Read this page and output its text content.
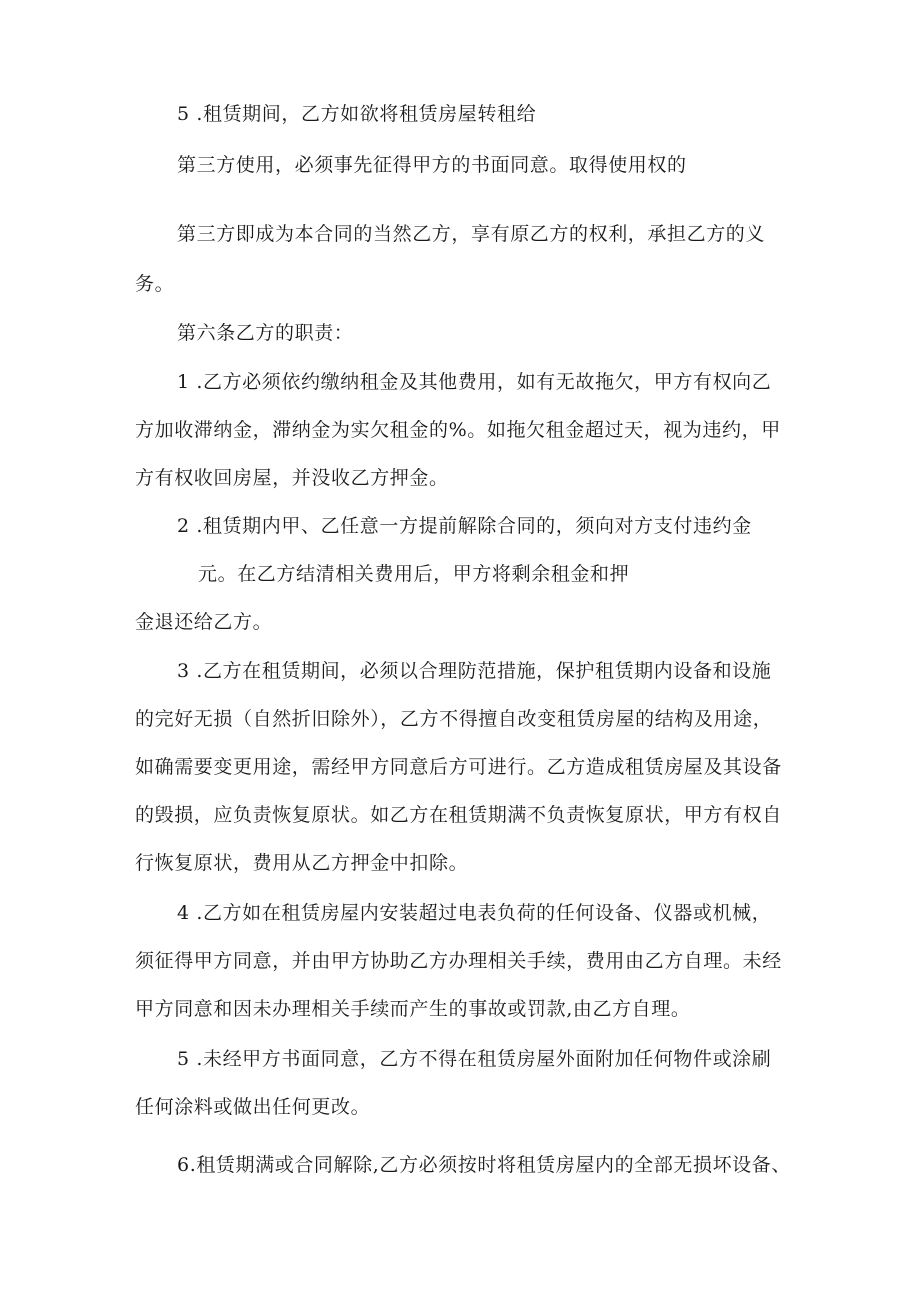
5 .租赁期间，乙方如欲将租赁房屋转租给
第三方使用，必须事先征得甲方的书面同意。取得使用权的
第三方即成为本合同的当然乙方，享有原乙方的权利，承担乙方的义
务。
第六条乙方的职责：
1 .乙方必须依约缴纳租金及其他费用，如有无故拖欠，甲方有权向乙
方加收滞纳金，滞纳金为实欠租金的%。如拖欠租金超过天，视为违约，甲
方有权收回房屋，并没收乙方押金。
2 .租赁期内甲、乙任意一方提前解除合同的，须向对方支付违约金
元。在乙方结清相关费用后，甲方将剩余租金和押
金退还给乙方。
3 .乙方在租赁期间，必须以合理防范措施，保护租赁期内设备和设施
的完好无损（自然折旧除外），乙方不得擅自改变租赁房屋的结构及用途，
如确需要变更用途，需经甲方同意后方可进行。乙方造成租赁房屋及其设备
的毁损，应负责恢复原状。如乙方在租赁期满不负责恢复原状，甲方有权自
行恢复原状，费用从乙方押金中扣除。
4 .乙方如在租赁房屋内安装超过电表负荷的任何设备、仪器或机械，
须征得甲方同意，并由甲方协助乙方办理相关手续，费用由乙方自理。未经
甲方同意和因未办理相关手续而产生的事故或罚款,由乙方自理。
5 .未经甲方书面同意，乙方不得在租赁房屋外面附加任何物件或涂刷
任何涂料或做出任何更改。
6.租赁期满或合同解除,乙方必须按时将租赁房屋内的全部无损坏设备、
